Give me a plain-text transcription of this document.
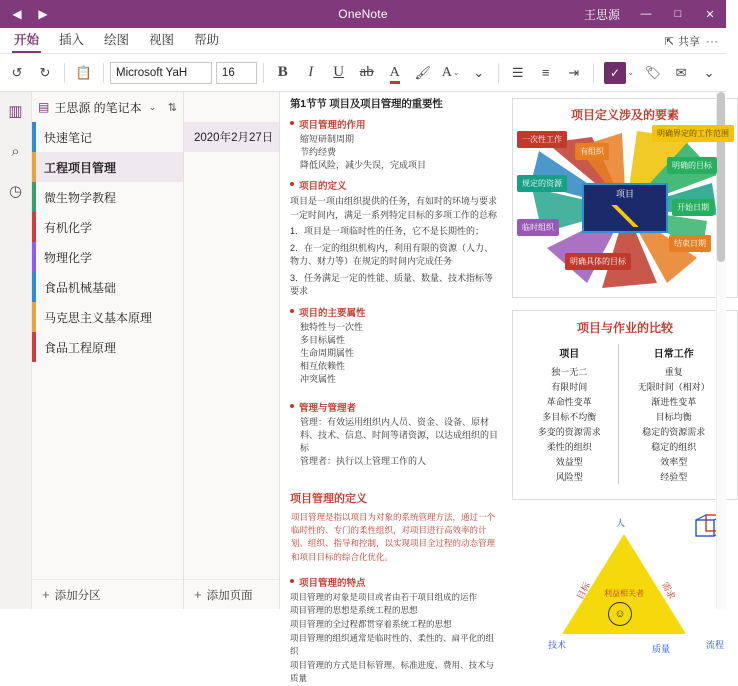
◀	▶	OneNote	王思源	—	□	✕
开始	插入	绘图	视图	帮助	⇱ 共享 ···
↺	↻	📋	Microsoft YaH	16	B	I	U	ab	A	🖌 A ⌄	⌄	☰	≡	⇥	✓ ⌄ 🏷	✉	⌄
▥
⌕
◷
▤ 王思源 的笔记本 ⌄ ⇅
快速笔记
工程项目管理
微生物学教程
有机化学
物理化学
食品机械基础
马克思主义基本原理
食品工程原理
+ 添加分区
2020年2月27日
+ 添加页面
第1节节 项目及项目管理的重要性
项目管理的作用
缩短研制周期
节约经费
降低风险，减少失误，完成项目
项目的定义
项目是一项由组织提供的任务，有如时的环境与要求一定时间内，满足一系列特定目标的多项工作的总称
1．项目是一项临时性的任务，它不是长期性的；
2．在一定的组织机构内，利用有限的资源（人力、物力、财力等）在规定的时间内完成任务
3．任务满足一定的性能、质量、数量、技术指标等要求
项目的主要属性
独特性与一次性
多目标属性
生命周期属性
相互依赖性
冲突属性
管理与管理者
管理：有效运用组织内人员、资金、设备、原材料、技术、信息、时间等诸资源，以达成组织的目标
管理者：执行以上管理工作的人
项目管理的定义
项目管理是指以项目为对象的系统管理方法，通过一个临时性的、专门的柔性组织，对项目进行高效率的计划、组织、指导和控制，以实现项目全过程的动态管理和项目目标的综合化优化。
项目管理的特点
项目管理的对象是项目或者由若干项目组成的运作
项目管理的思想是系统工程的思想
项目管理的全过程都贯穿着系统工程的思想
项目管理的组织通常是临时性的、柔性的、扁平化的组织
项目管理的方式是目标管理、标准进度、费用、技术与质量
项目定义涉及的要素
一次性工作
有组织
明确界定的工作范围
明确的目标
规定的资源
开始日期
临时组织
结束日期
明确具体的目标
项目
项目与作业的比较
项目	日常工作
独一无二	重复
有限时间	无限时间（相对）
革命性变革	渐进性变革
多目标不均衡	目标均衡
多变的资源需求	稳定的资源需求
柔性的组织	稳定的组织
效益型	效率型
风险型	经验型
☺
人
目标	需求
利益相关者
技术	质量	流程
